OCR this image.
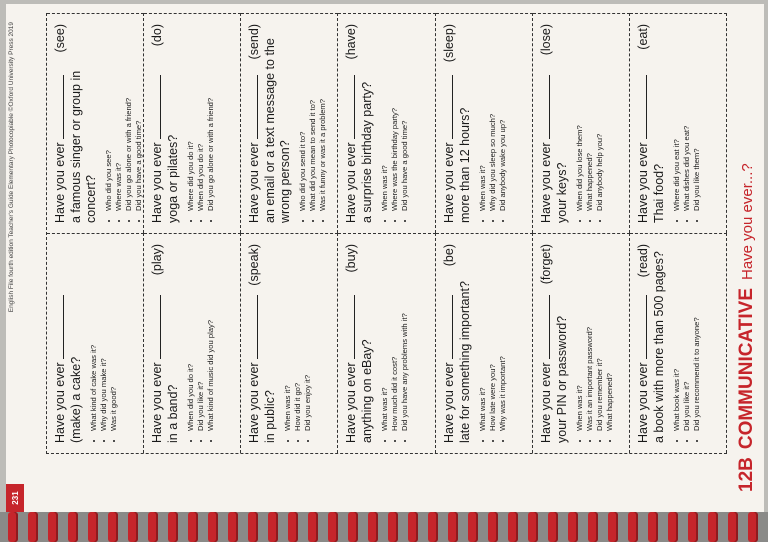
231
English File fourth edition Teacher's Guide Elementary Photocopiable ©Oxford University Press 2019
12B
COMMUNICATIVE
Have you ever...?
Have you ever (make) a cake? • What kind of cake was it? • Why did you make it? • Was it good?
Have you ever
(see)
a famous singer or group in concert? • Who did you see? • Where was it? • Did you go alone or with a friend? • Did you have a good time?
Have you ever
(play)
in a band? • When did you do it? • Did you like it? • What kind of music did you play?
Have you ever
(do)
yoga or pilates? • Where did you do it? • When did you do it? • Did you go alone or with a friend?
Have you ever
(speak)
in public? • When was it? • How did it go? • Did you enjoy it?
Have you ever
(send) an email or a text message to the wrong person? • Who did you send it to? • What did you mean to send it to? • Was it funny or was it a problem?
Have you ever
(buy)
anything on eBay? • What was it? • How much did it cost? • Did you have any problems with it?
Have you ever
(have)
a surprise birthday party? • When was it? • Where was the birthday party? • Did you have a good time?
Have you ever
(be)
late for something important? • What was it? • How late were you? • Why was it important?
Have you ever
(sleep)
more than 12 hours? • When was it? • Why did you sleep so much? • Did anybody wake you up?
Have you ever
(forget)
your PIN or password? • When was it? • Was it an important password? • Did you remember it? • What happened?
Have you ever
(lose)
your keys? • When did you lose them? • What happened? • Did anybody help you?
Have you ever
(read) a book with more than 500 pages? • What book was it? • Did you like it? • Did you recommend it to anyone?
Have you ever
(eat)
Thai food? • Where did you eat it? • What dishes did you eat? • Did you like them?
